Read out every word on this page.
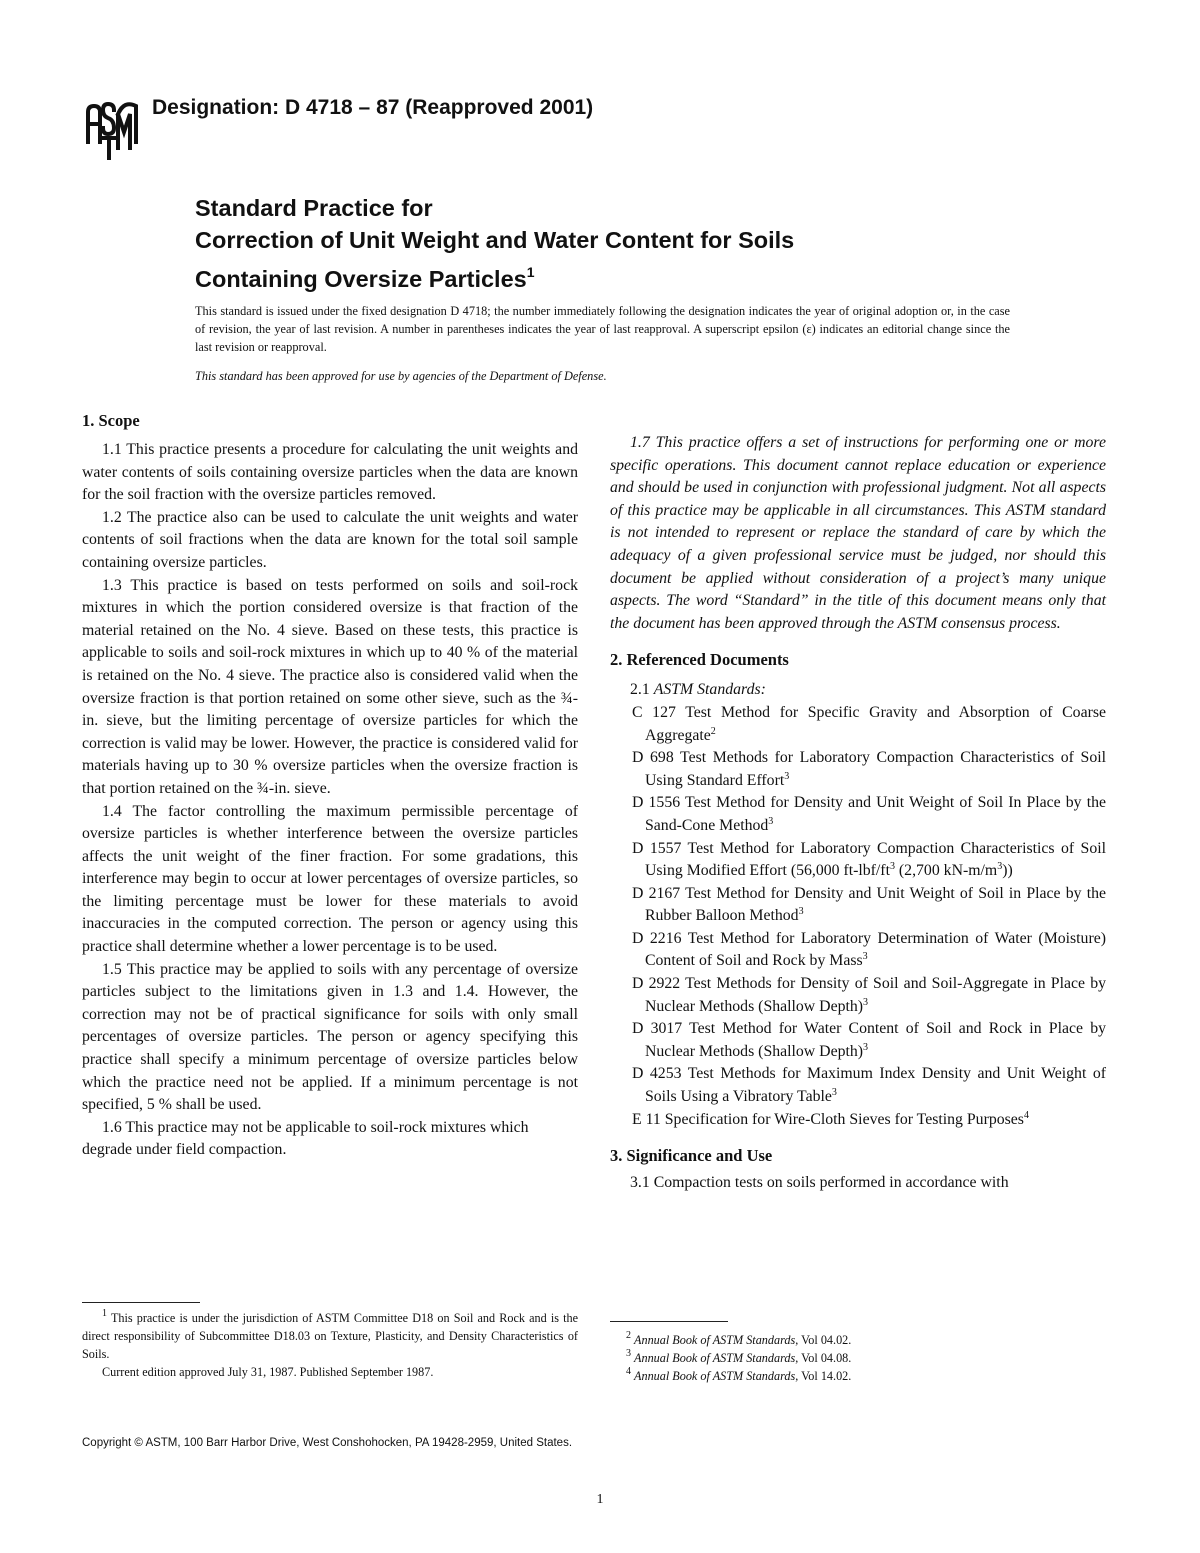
Designation: D 4718 – 87 (Reapproved 2001)
Standard Practice for
Correction of Unit Weight and Water Content for Soils
Containing Oversize Particles$^1$
This standard is issued under the fixed designation D 4718; the number immediately following the designation indicates the year of original adoption or, in the case of revision, the year of last revision. A number in parentheses indicates the year of last reapproval. A superscript epsilon (ε) indicates an editorial change since the last revision or reapproval.
This standard has been approved for use by agencies of the Department of Defense.
1. Scope

1.1 This practice presents a procedure for calculating the unit weights and water contents of soils containing oversize particles when the data are known for the soil fraction with the oversize particles removed.

1.2 The practice also can be used to calculate the unit weights and water contents of soil fractions when the data are known for the total soil sample containing oversize particles.

1.3 This practice is based on tests performed on soils and soil-rock mixtures in which the portion considered oversize is that fraction of the material retained on the No. 4 sieve. Based on these tests, this practice is applicable to soils and soil-rock mixtures in which up to 40 % of the material is retained on the No. 4 sieve. The practice also is considered valid when the oversize fraction is that portion retained on some other sieve, such as the ¾-in. sieve, but the limiting percentage of oversize particles for which the correction is valid may be lower. However, the practice is considered valid for materials having up to 30 % oversize particles when the oversize fraction is that portion retained on the ¾-in. sieve.

1.4 The factor controlling the maximum permissible percentage of oversize particles is whether interference between the oversize particles affects the unit weight of the finer fraction. For some gradations, this interference may begin to occur at lower percentages of oversize particles, so the limiting percentage must be lower for these materials to avoid inaccuracies in the computed correction. The person or agency using this practice shall determine whether a lower percentage is to be used.

1.5 This practice may be applied to soils with any percentage of oversize particles subject to the limitations given in 1.3 and 1.4. However, the correction may not be of practical significance for soils with only small percentages of oversize particles. The person or agency specifying this practice shall specify a minimum percentage of oversize particles below which the practice need not be applied. If a minimum percentage is not specified, 5 % shall be used.

1.6 This practice may not be applicable to soil-rock mixtures which degrade under field compaction.

1.7 This practice offers a set of instructions for performing one or more specific operations. This document cannot replace education or experience and should be used in conjunction with professional judgment. Not all aspects of this practice may be applicable in all circumstances. This ASTM standard is not intended to represent or replace the standard of care by which the adequacy of a given professional service must be judged, nor should this document be applied without consideration of a project’s many unique aspects. The word “Standard” in the title of this document means only that the document has been approved through the ASTM consensus process.

2. Referenced Documents

2.1 ASTM Standards:

C 127 Test Method for Specific Gravity and Absorption of Coarse Aggregate$^2$
D 698 Test Methods for Laboratory Compaction Characteristics of Soil Using Standard Effort$^3$
D 1556 Test Method for Density and Unit Weight of Soil In Place by the Sand-Cone Method$^3$
D 1557 Test Method for Laboratory Compaction Characteristics of Soil Using Modified Effort (56,000 $ft-lbf/ft^3$ (2,700 $kN-m/m^3$))
D 2167 Test Method for Density and Unit Weight of Soil in Place by the Rubber Balloon Method$^3$
D 2216 Test Method for Laboratory Determination of Water (Moisture) Content of Soil and Rock by Mass$^3$
D 2922 Test Methods for Density of Soil and Soil-Aggregate in Place by Nuclear Methods (Shallow Depth)$^3$
D 3017 Test Method for Water Content of Soil and Rock in Place by Nuclear Methods (Shallow Depth)$^3$
D 4253 Test Methods for Maximum Index Density and Unit Weight of Soils Using a Vibratory Table$^3$
E 11 Specification for Wire-Cloth Sieves for Testing Purposes$^4$
3. Significance and Use

3.1 Compaction tests on soils performed in accordance with

$^1$ This practice is under the jurisdiction of ASTM Committee D18 on Soil and Rock and is the direct responsibility of Subcommittee D18.03 on Texture, Plasticity, and Density Characteristics of Soils.

Current edition approved July 31, 1987. Published September 1987.

$^2$ Annual Book of ASTM Standards, Vol 04.02.

$^3$ Annual Book of ASTM Standards, Vol 04.08.

$^4$ Annual Book of ASTM Standards, Vol 14.02.

Copyright © ASTM, 100 Barr Harbor Drive, West Conshohocken, PA 19428-2959, United States.
1
